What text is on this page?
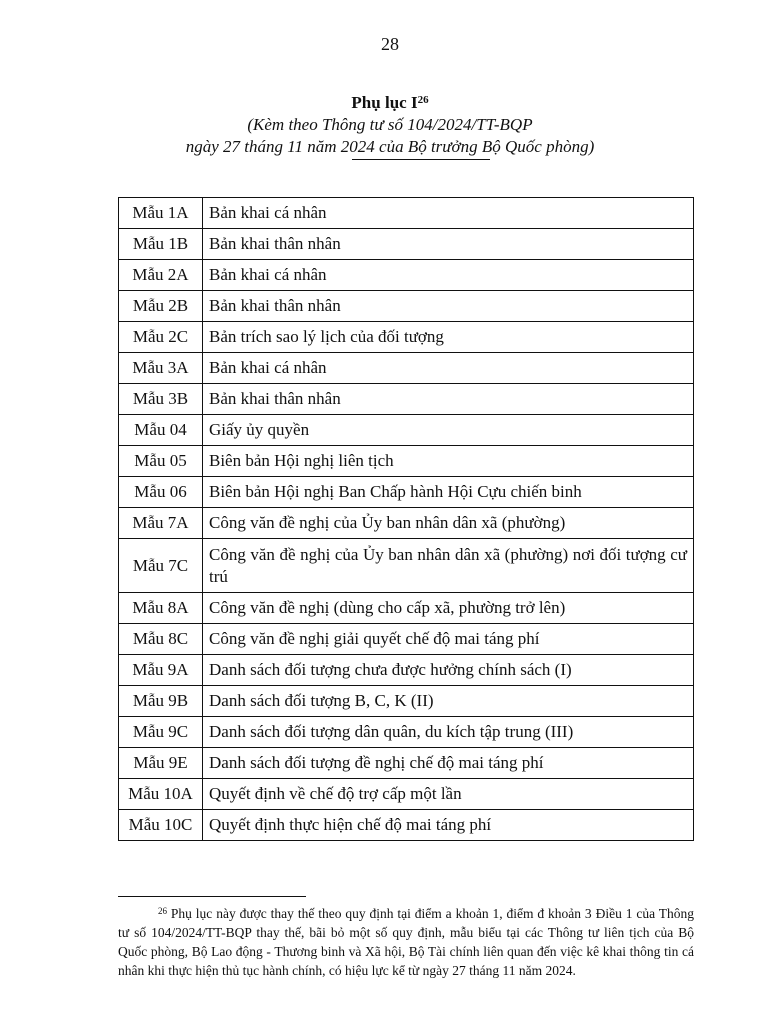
28
Phụ lục $I^{26}$
(Kèm theo Thông tư số 104/2024/TT-BQP
ngày 27 tháng 11 năm 2024 của Bộ trưởng Bộ Quốc phòng)
Mẫu 1A	Bản khai cá nhân
Mẫu 1B	Bản khai thân nhân
Mẫu 2A	Bản khai cá nhân
Mẫu 2B	Bản khai thân nhân
Mẫu 2C	Bản trích sao lý lịch của đối tượng
Mẫu 3A	Bản khai cá nhân
Mẫu 3B	Bản khai thân nhân
Mẫu 04	Giấy ủy quyền
Mẫu 05	Biên bản Hội nghị liên tịch
Mẫu 06	Biên bản Hội nghị Ban Chấp hành Hội Cựu chiến binh
Mẫu 7A	Công văn đề nghị của Ủy ban nhân dân xã (phường)
Mẫu 7C	Công văn đề nghị của Ủy ban nhân dân xã (phường) nơi đối tượng cư trú
Mẫu 8A	Công văn đề nghị (dùng cho cấp xã, phường trở lên)
Mẫu 8C	Công văn đề nghị giải quyết chế độ mai táng phí
Mẫu 9A	Danh sách đối tượng chưa được hưởng chính sách (I)
Mẫu 9B	Danh sách đối tượng B, C, K (II)
Mẫu 9C	Danh sách đối tượng dân quân, du kích tập trung (III)
Mẫu 9E	Danh sách đối tượng đề nghị chế độ mai táng phí
Mẫu 10A	Quyết định về chế độ trợ cấp một lần
Mẫu 10C	Quyết định thực hiện chế độ mai táng phí
$^{26}$ Phụ lục này được thay thế theo quy định tại điểm a khoản 1, điểm đ khoản 3 Điều 1 của Thông tư số 104/2024/TT-BQP thay thế, bãi bỏ một số quy định, mẫu biểu tại các Thông tư liên tịch của Bộ Quốc phòng, Bộ Lao động - Thương binh và Xã hội, Bộ Tài chính liên quan đến việc kê khai thông tin cá nhân khi thực hiện thủ tục hành chính, có hiệu lực kể từ ngày 27 tháng 11 năm 2024.
